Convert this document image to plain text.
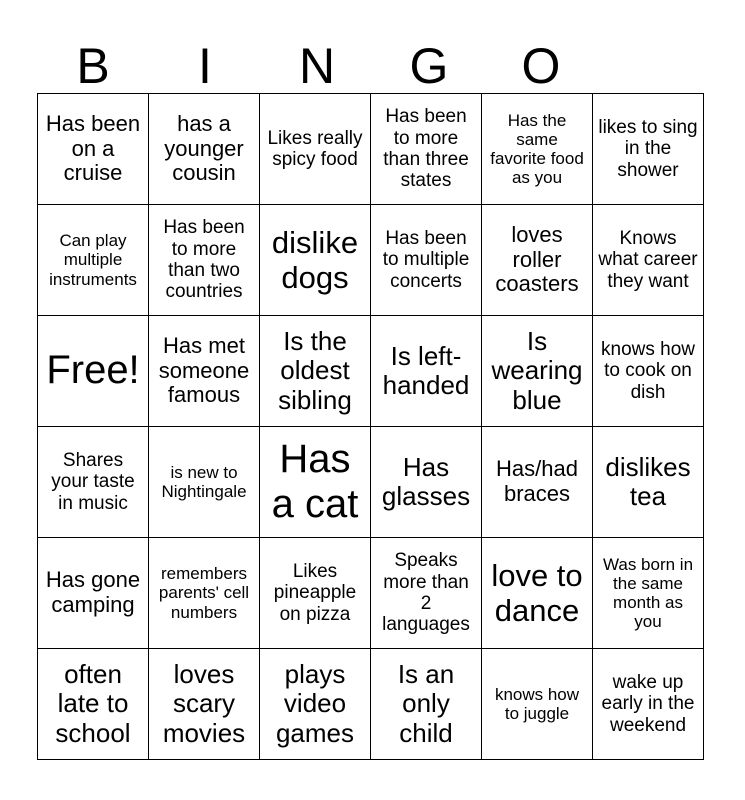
B	I	N	G	O
Has been on a cruise	has a younger cousin	Likes really spicy food	Has been to more than three states	Has the same favorite food as you	likes to sing in the shower
Can play multiple instruments	Has been to more than two countries	dislike dogs	Has been to multiple concerts	loves roller coasters	Knows what career they want
Free!	Has met someone famous	Is the oldest sibling	Is left-handed	Is wearing blue	knows how to cook on dish
Shares your taste in music	is new to Nightingale	Has a cat	Has glasses	Has/had braces	dislikes tea
Has gone camping	remembers parents' cell numbers	Likes pineapple on pizza	Speaks more than 2 languages	love to dance	Was born in the same month as you
often late to school	loves scary movies	plays video games	Is an only child	knows how to juggle	wake up early in the weekend
